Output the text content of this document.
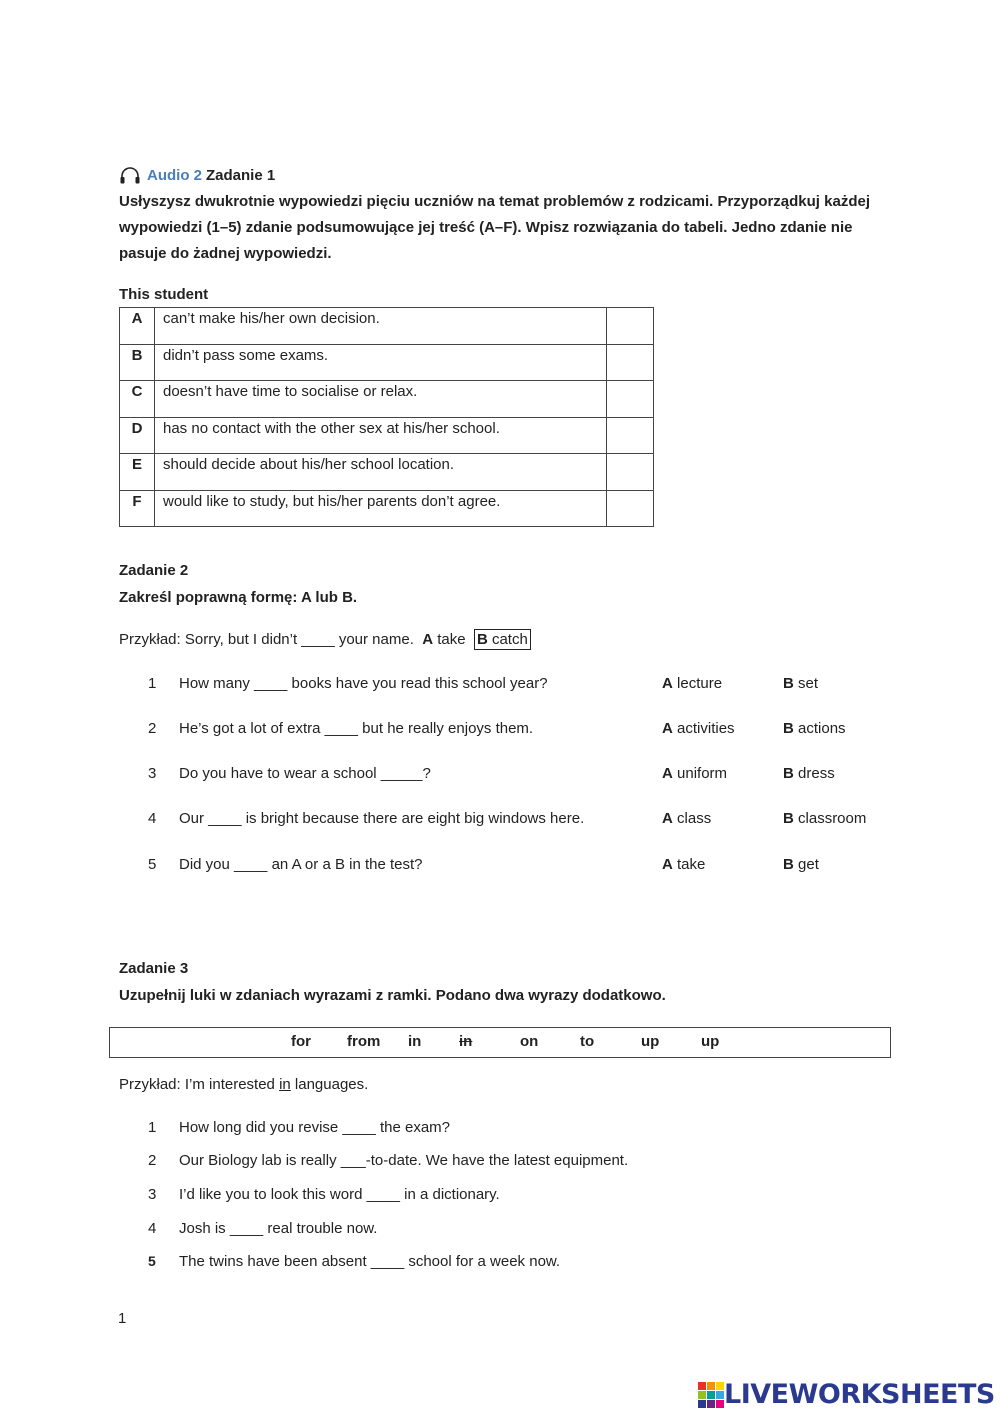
Audio 2 Zadanie 1
Usłyszysz dwukrotnie wypowiedzi pięciu uczniów na temat problemów z rodzicami. Przyporządkuj każdej wypowiedzi (1–5) zdanie podsumowujące jej treść (A–F). Wpisz rozwiązania do tabeli. Jedno zdanie nie pasuje do żadnej wypowiedzi.
This student
A	can’t make his/her own decision.	
B	didn’t pass some exams.	
C	doesn’t have time to socialise or relax.	
D	has no contact with the other sex at his/her school.	
E	should decide about his/her school location.	
F	would like to study, but his/her parents don’t agree.	
Zadanie 2
Zakreśl poprawną formę: A lub B.
Przykład: Sorry, but I didn’t ____ your name. A take B catch
1 How many ____ books have you read this school year?	A lecture	B set
2 He’s got a lot of extra ____ but he really enjoys them.	A activities	B actions
3 Do you have to wear a school _____?	A uniform	B dress
4 Our ____ is bright because there are eight big windows here.	A class	B classroom
5 Did you ____ an A or a B in the test?	A take	B get
Zadanie 3
Uzupełnij luki w zdaniach wyrazami z ramki. Podano dwa wyrazy dodatkowo.
for from in	in	on	to	up	up
Przykład: I’m interested in languages.
1 How long did you revise ____ the exam?
2 Our Biology lab is really ___-to-date. We have the latest equipment.
3 I’d like you to look this word ____ in a dictionary.
4 Josh is ____ real trouble now.
5 The twins have been absent ____ school for a week now.
1
LIVEWORKSHEETS
